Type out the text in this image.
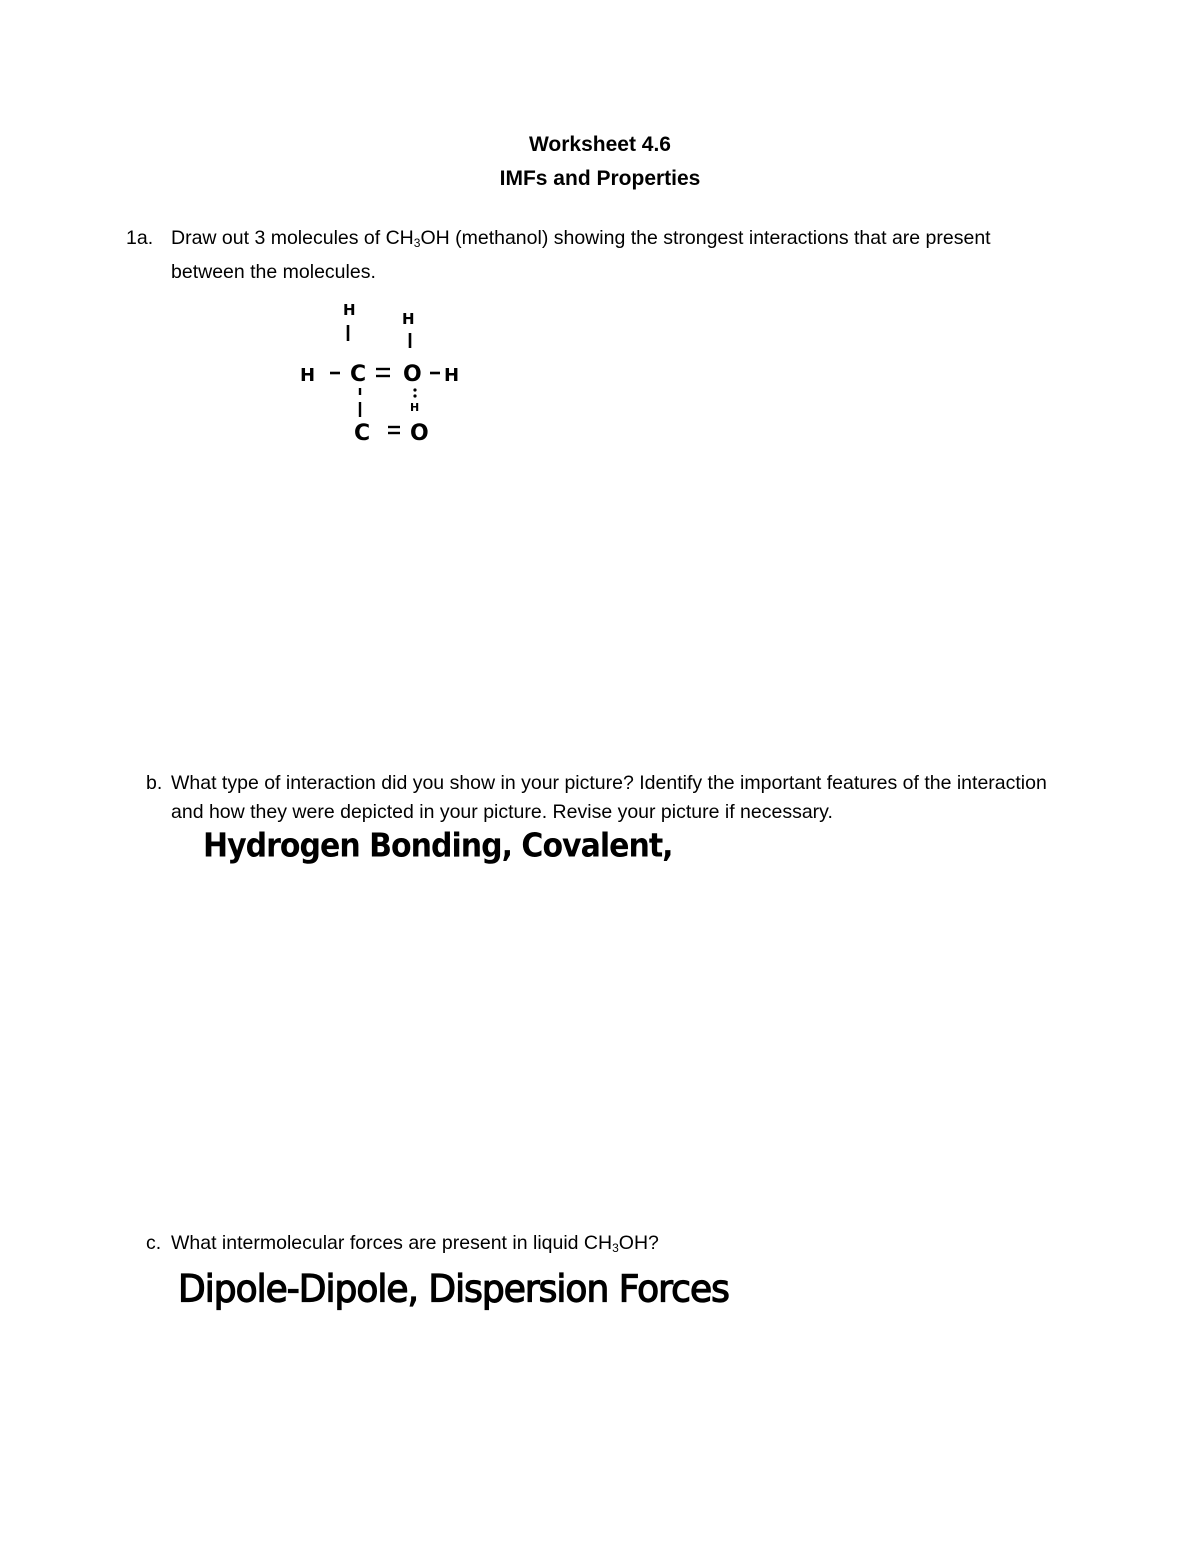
Worksheet 4.6
IMFs and Properties
1a. Draw out 3 molecules of $CH_3OH$ (methanol) showing the strongest interactions that are present between the molecules.
H	H
H C O H
H
C O
b. What type of interaction did you show in your picture? Identify the important features of the interaction and how they were depicted in your picture. Revise your picture if necessary.
Hydrogen Bonding, Covalent,
c. What intermolecular forces are present in liquid $CH_3OH$?
Dipole-Dipole, Dispersion Forces
